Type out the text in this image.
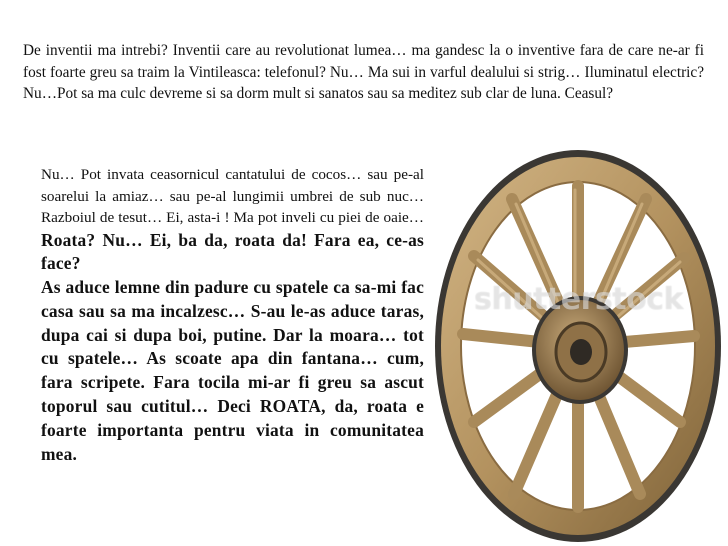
De inventii ma intrebi? Inventii care au revolutionat lumea… ma gandesc la o inventive fara de care ne-ar fi fost foarte greu sa traim la Vintileasca: telefonul? Nu… Ma sui in varful dealului si strig… Iluminatul electric? Nu…Pot sa ma culc devreme si sa dorm mult si sanatos sau sa meditez sub clar de luna. Ceasul?

Nu… Pot invata ceasornicul cantatului de cocos… sau pe-al soarelui la amiaz… sau pe-al lungimii umbrei de sub nuc… Razboiul de tesut… Ei, asta-i ! Ma pot inveli cu piei de oaie… Roata? Nu… Ei, ba da, roata da! Fara ea, ce-as face?
As aduce lemne din padure cu spatele ca sa-mi fac casa sau sa ma incalzesc… S-au le-as aduce taras, dupa cai si dupa boi, putine. Dar la moara… tot cu spatele… As scoate apa din fantana… cum, fara scripete. Fara tocila mi-ar fi greu sa ascut toporul sau cutitul… Deci ROATA, da, roata e foarte importanta pentru viata in comunitatea mea.
shutterstock
